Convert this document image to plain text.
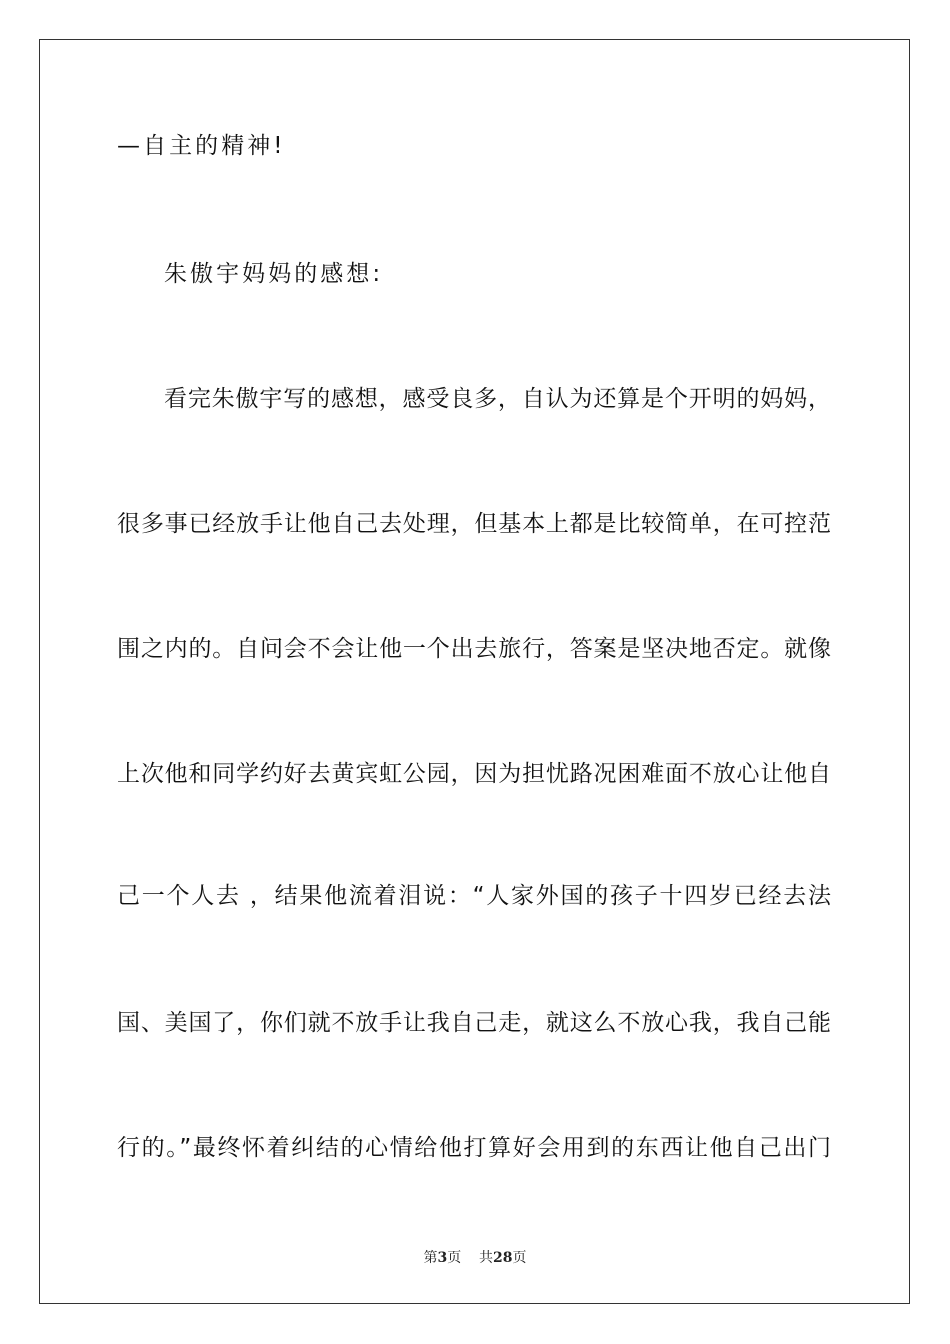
—自主的精神!
朱傲宇妈妈的感想:
看完朱傲宇写的感想，感受良多，自认为还算是个开明的妈妈，
很多事已经放手让他自己去处理，但基本上都是比较简单，在可控范
围之内的。自问会不会让他一个出去旅行，答案是坚决地否定。就像
上次他和同学约好去黄宾虹公园，因为担忧路况困难面不放心让他自
己一个人去 ，结果他流着泪说：“人家外国的孩子十四岁已经去法
国、美国了，你们就不放手让我自己走，就这么不放心我，我自己能
行的。”最终怀着纠结的心情给他打算好会用到的东西让他自己出门
第3页 共28页
